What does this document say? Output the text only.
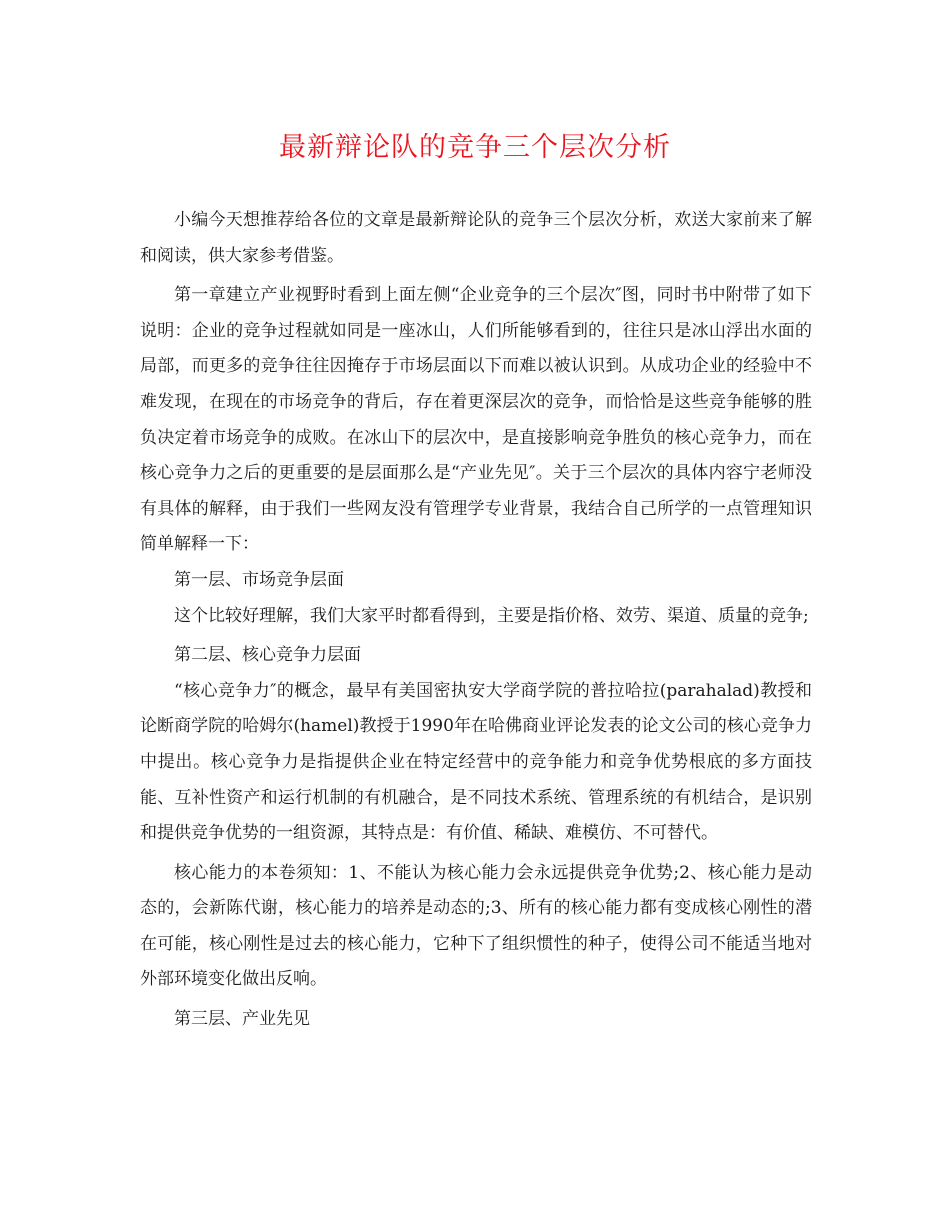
最新辩论队的竞争三个层次分析

小编今天想推荐给各位的文章是最新辩论队的竞争三个层次分析，欢送大家前来了解和阅读，供大家参考借鉴。

第一章建立产业视野时看到上面左侧“企业竞争的三个层次″图，同时书中附带了如下说明：企业的竞争过程就如同是一座冰山，人们所能够看到的，往往只是冰山浮出水面的局部，而更多的竞争往往因掩存于市场层面以下而难以被认识到。从成功企业的经验中不难发现，在现在的市场竞争的背后，存在着更深层次的竞争，而恰恰是这些竞争能够的胜负决定着市场竞争的成败。在冰山下的层次中，是直接影响竞争胜负的核心竞争力，而在核心竞争力之后的更重要的是层面那么是“产业先见″。关于三个层次的具体内容宁老师没有具体的解释，由于我们一些网友没有管理学专业背景，我结合自己所学的一点管理知识简单解释一下：

第一层、市场竞争层面

这个比较好理解，我们大家平时都看得到，主要是指价格、效劳、渠道、质量的竞争;

第二层、核心竞争力层面

“核心竞争力″的概念，最早有美国密执安大学商学院的普拉哈拉(parahalad)教授和论断商学院的哈姆尔(hamel)教授于1990年在哈佛商业评论发表的论文公司的核心竞争力中提出。核心竞争力是指提供企业在特定经营中的竞争能力和竞争优势根底的多方面技能、互补性资产和运行机制的有机融合，是不同技术系统、管理系统的有机结合，是识别和提供竞争优势的一组资源，其特点是：有价值、稀缺、难模仿、不可替代。

核心能力的本卷须知：1、不能认为核心能力会永远提供竞争优势;2、核心能力是动态的，会新陈代谢，核心能力的培养是动态的;3、所有的核心能力都有变成核心刚性的潜在可能，核心刚性是过去的核心能力，它种下了组织惯性的种子，使得公司不能适当地对外部环境变化做出反响。

第三层、产业先见
